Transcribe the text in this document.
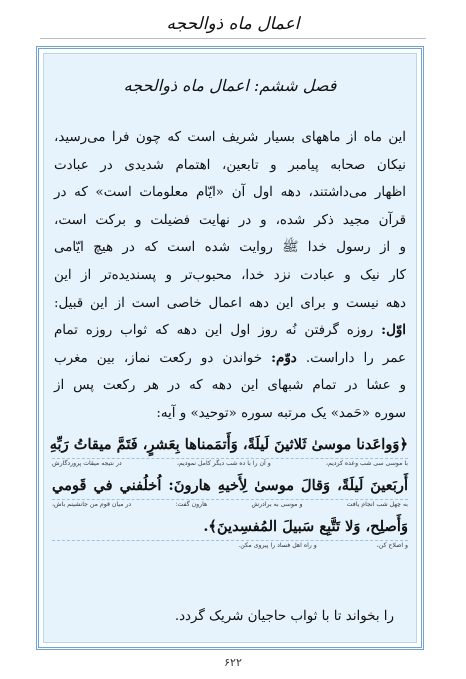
اعمال ماه ذوالحجه
فصل ششم: اعمال ماه ذوالحجه

این ماه از ماههای بسیار شریف است که چون فرا می‌رسید،

نیکان صحابه پیامبر و تابعین، اهتمام شدیدی در عبادت

اظهار می‌داشتند، دهه اول آن «ایّام معلومات است» که در

قرآن مجید ذکر شده، و در نهایت فضیلت و برکت است،

و از رسول خدا ﷺ روایت شده است که در هیچ ایّامی

کار نیک و عبادت نزد خدا، محبوب‌تر و پسندیده‌تر از این

دهه نیست و برای این دهه اعمال خاصی است از این قبیل:

اوّل: روزه گرفتن نُه روز اول این دهه که ثواب روزه تمام

عمر را داراست. دوّم: خواندن دو رکعت نماز، بین مغرب

و عشا در تمام شبهای این دهه که در هر رکعت پس از

سوره «حَمد» یک مرتبه سوره «توحید» و آیه:

﴿وَواعَدنا موسیٰ ثَلاثينَ لَيلَةً، وَأَتمَمناها بِعَشرٍ، فَتَمَّ ميقاتُ رَبِّهِ
با موسی سی شب وعده کردیم،
و آن را با ده شب دیگر کامل نمودیم،
در نتیجه میقات پروردگارش
أَربَعينَ لَيلَةً، وَقالَ موسیٰ لِأَخيهِ هارونَ: اُخلُفني في قَومي
به چهل شب انجام یافت
و موسی به برادرش
هارون گفت:
در میان قوم من جانشینم باش،
وَأَصلِح، وَلا تَتَّبِع سَبيلَ المُفسِدينَ﴾.
و اصلاح کن،
و راه اهل فساد را پیروی مکن.
را بخواند تا با ثواب حاجیان شریک گردد.
۶۲۲
